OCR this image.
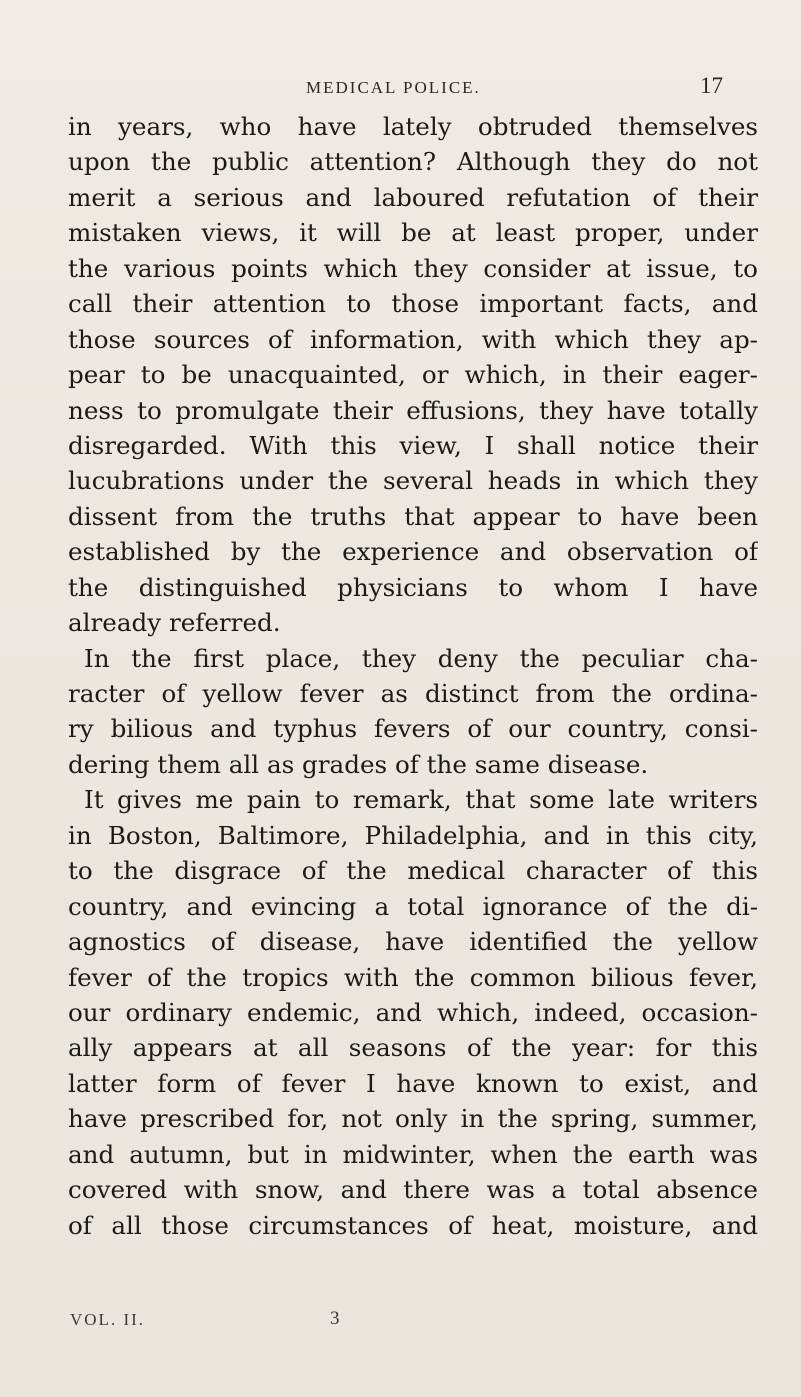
MEDICAL POLICE.	17
in years, who have lately obtruded themselves
upon the public attention? Although they do not
merit a serious and laboured refutation of their
mistaken views, it will be at least proper, under
the various points which they consider at issue, to
call their attention to those important facts, and
those sources of information, with which they ap-
pear to be unacquainted, or which, in their eager-
ness to promulgate their effusions, they have totally
disregarded. With this view, I shall notice their
lucubrations under the several heads in which they
dissent from the truths that appear to have been
established by the experience and observation of
the distinguished physicians to whom I have
already referred.
In the first place, they deny the peculiar cha-
racter of yellow fever as distinct from the ordina-
ry bilious and typhus fevers of our country, consi-
dering them all as grades of the same disease.
It gives me pain to remark, that some late writers
in Boston, Baltimore, Philadelphia, and in this city,
to the disgrace of the medical character of this
country, and evincing a total ignorance of the di-
agnostics of disease, have identified the yellow
fever of the tropics with the common bilious fever,
our ordinary endemic, and which, indeed, occasion-
ally appears at all seasons of the year: for this
latter form of fever I have known to exist, and
have prescribed for, not only in the spring, summer,
and autumn, but in midwinter, when the earth was
covered with snow, and there was a total absence
of all those circumstances of heat, moisture, and
VOL. II.	3
